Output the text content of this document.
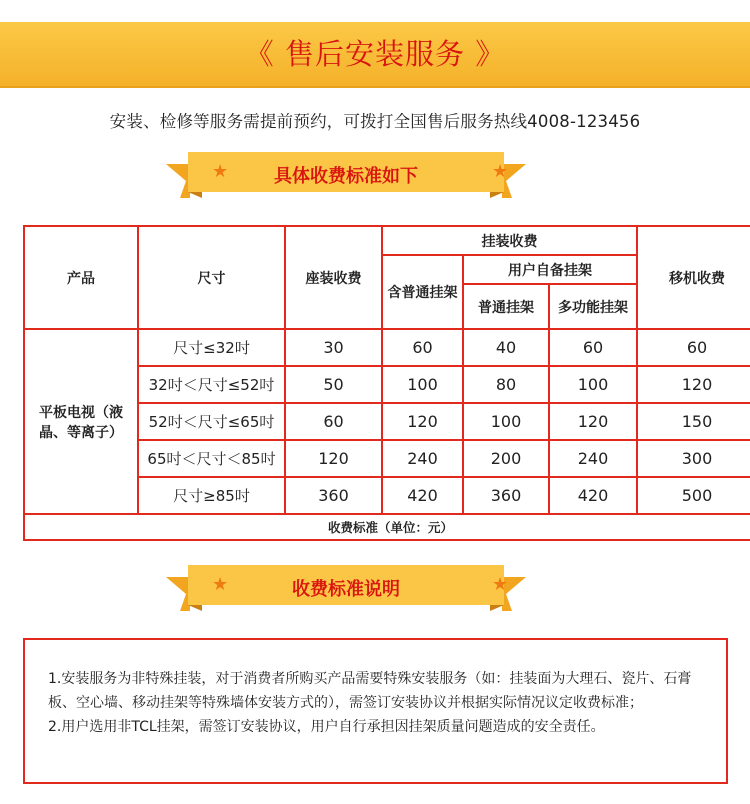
《 售后安装服务 》
安装、检修等服务需提前预约，可拨打全国售后服务热线4008-123456
★	具体收费标准如下	★
产品	尺寸	座装收费	挂装收费			移机收费
			含普通挂架	用户自备挂架		
				普通挂架	多功能挂架	
平板电视（液晶、等离子）	尺寸≤32吋	30	60	40	60	60
	32吋＜尺寸≤52吋	50	100	80	100	120
	52吋＜尺寸≤65吋	60	120	100	120	150
	65吋＜尺寸＜85吋	120	240	200	240	300
	尺寸≥85吋	360	420	360	420	500
收费标准（单位：元）						
★	收费标准说明	★

1.安装服务为非特殊挂装，对于消费者所购买产品需要特殊安装服务（如：挂装面为大理石、瓷片、石膏板、空心墙、移动挂架等特殊墙体安装方式的），需签订安装协议并根据实际情况议定收费标准；

2.用户选用非TCL挂架，需签订安装协议，用户自行承担因挂架质量问题造成的安全责任。
